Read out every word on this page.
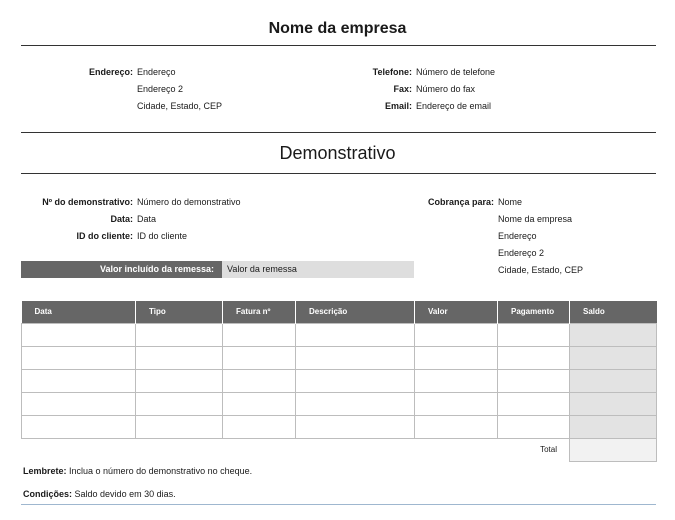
Nome da empresa
Endereço: Endereço
Endereço 2
Cidade, Estado, CEP
Telefone: Número de telefone
Fax: Número do fax
Email: Endereço de email
Demonstrativo
Nº do demonstrativo: Número do demonstrativo
Data: Data
ID do cliente: ID do cliente
Cobrança para: Nome
Nome da empresa
Endereço
Endereço 2
Cidade, Estado, CEP
Valor incluído da remessa:	Valor da remessa
Data	Tipo	Fatura nº	Descrição	Valor	Pagamento	Saldo

Total						
Lembrete: Inclua o número do demonstrativo no cheque.
Condições: Saldo devido em 30 dias.
